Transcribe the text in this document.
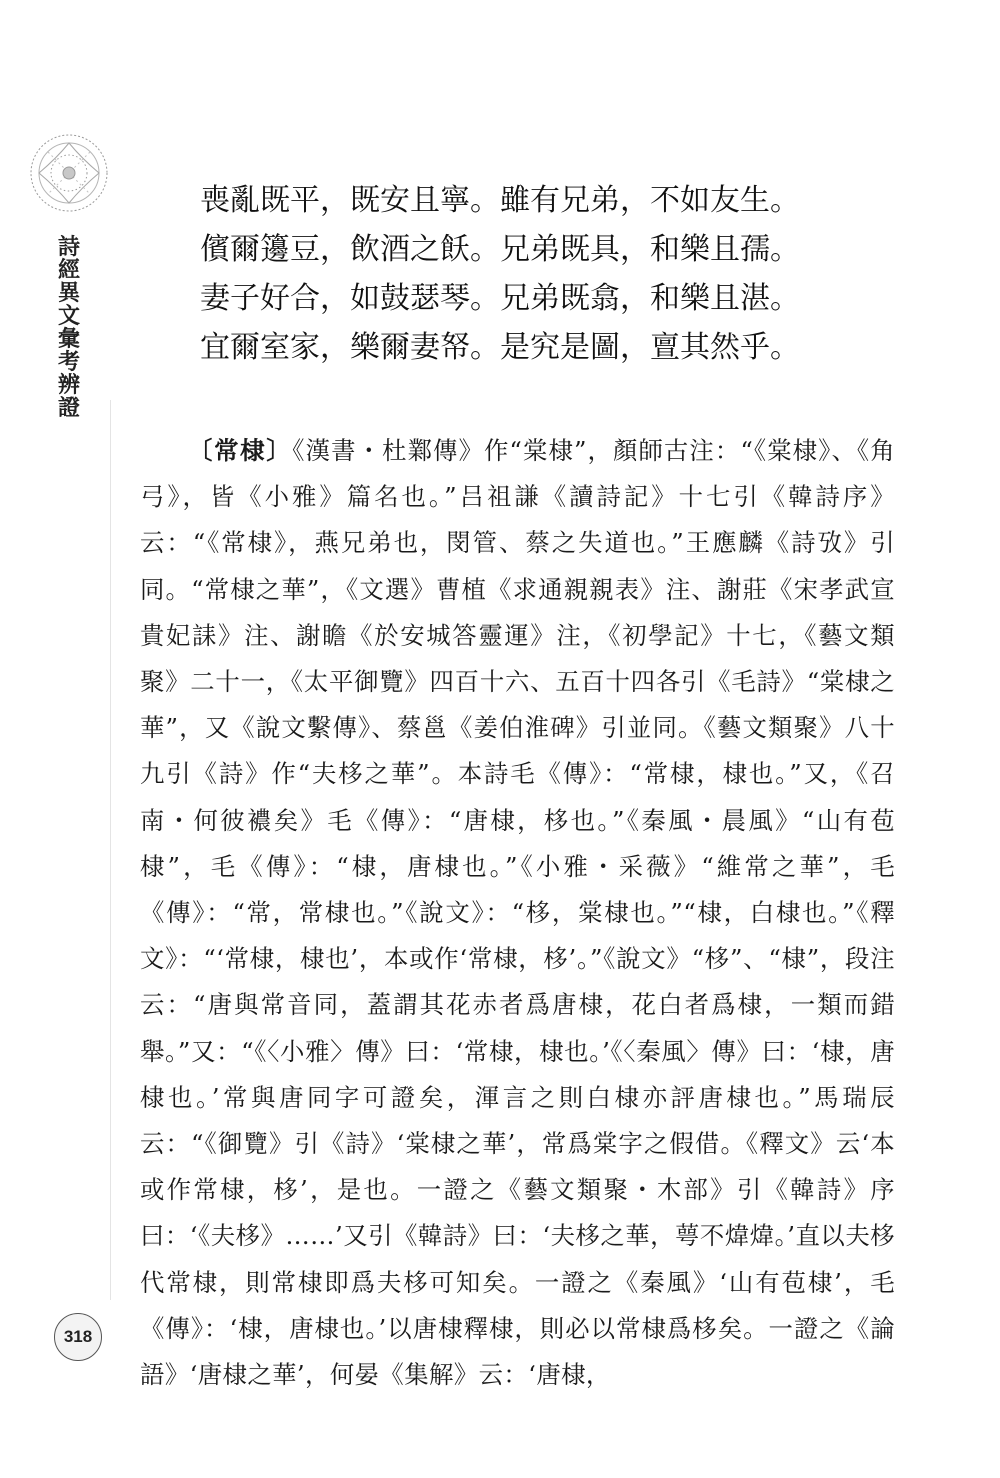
詩
經
異
文
彙
考
辨
證
喪亂既平，既安且寧。雖有兄弟，不如友生。
儐爾籩豆，飲酒之飫。兄弟既具，和樂且孺。
妻子好合，如鼓瑟琴。兄弟既翕，和樂且湛。
宜爾室家，樂爾妻帑。是究是圖，亶其然乎。

〔常棣〕《漢書・杜鄴傳》作“棠棣”，顏師古注：“《棠棣》、《角弓》，皆《小雅》篇名也。”吕祖謙《讀詩記》十七引《韓詩序》云：“《常棣》，燕兄弟也，閔管、蔡之失道也。”王應麟《詩攷》引同。“常棣之華”，《文選》曹植《求通親親表》注、謝莊《宋孝武宣貴妃誄》注、謝瞻《於安城答靈運》注，《初學記》十七，《藝文類聚》二十一，《太平御覽》四百十六、五百十四各引《毛詩》“棠棣之華”，又《說文繫傳》、蔡邕《姜伯淮碑》引並同。《藝文類聚》八十九引《詩》作“夫栘之華”。本詩毛《傳》：“常棣，棣也。”又，《召南・何彼襛矣》毛《傳》：“唐棣，栘也。”《秦風・晨風》“山有苞棣”，毛《傳》：“棣，唐棣也。”《小雅・采薇》“維常之華”，毛《傳》：“常，常棣也。”《說文》：“栘，棠棣也。”“棣，白棣也。”《釋文》：“‘常棣，棣也’，本或作‘常棣，栘’。”《說文》“栘”、“棣”，段注云：“唐與常音同，蓋謂其花赤者爲唐棣，花白者爲棣，一類而錯舉。”又：“《〈小雅〉傳》曰：‘常棣，棣也。’《〈秦風〉傳》曰：‘棣，唐棣也。’常與唐同字可證矣，渾言之則白棣亦評唐棣也。”馬瑞辰云：“《御覽》引《詩》‘棠棣之華’，常爲棠字之假借。《釋文》云‘本或作常棣，栘’，是也。一證之《藝文類聚・木部》引《韓詩》序曰：‘《夫栘》……’又引《韓詩》曰：‘夫栘之華，萼不煒煒。’直以夫栘代常棣，則常棣即爲夫栘可知矣。一證之《秦風》‘山有苞棣’，毛《傳》：‘棣，唐棣也。’以唐棣釋棣，則必以常棣爲栘矣。一證之《論語》‘唐棣之華’，何晏《集解》云：‘唐棣，

318
